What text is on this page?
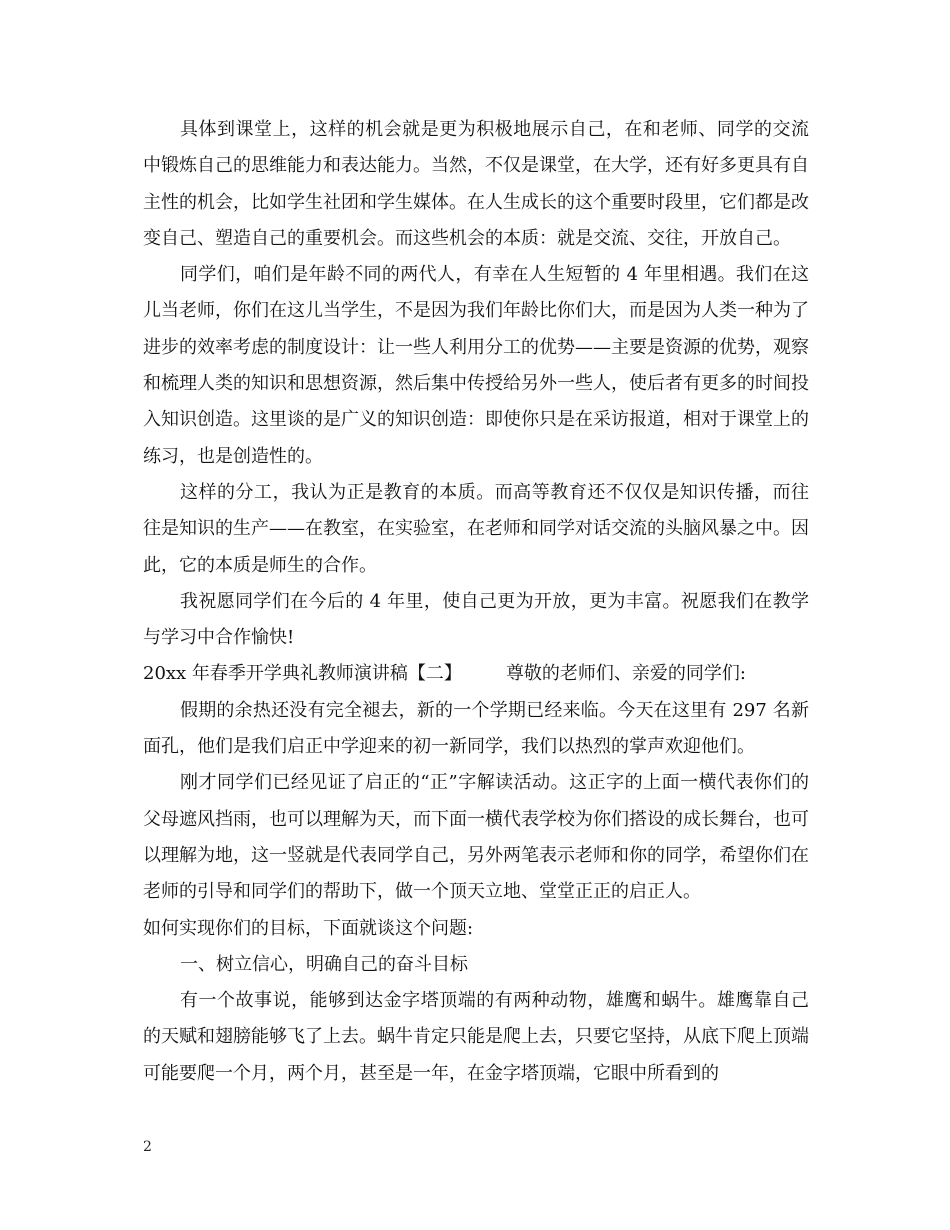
具体到课堂上，这样的机会就是更为积极地展示自己，在和老师、同学的交流中锻炼自己的思维能力和表达能力。当然，不仅是课堂，在大学，还有好多更具有自主性的机会，比如学生社团和学生媒体。在人生成长的这个重要时段里，它们都是改变自己、塑造自己的重要机会。而这些机会的本质：就是交流、交往，开放自己。

同学们，咱们是年龄不同的两代人，有幸在人生短暂的 4 年里相遇。我们在这儿当老师，你们在这儿当学生，不是因为我们年龄比你们大，而是因为人类一种为了进步的效率考虑的制度设计：让一些人利用分工的优势——主要是资源的优势，观察和梳理人类的知识和思想资源，然后集中传授给另外一些人，使后者有更多的时间投入知识创造。这里谈的是广义的知识创造：即使你只是在采访报道，相对于课堂上的练习，也是创造性的。

这样的分工，我认为正是教育的本质。而高等教育还不仅仅是知识传播，而往往是知识的生产——在教室，在实验室，在老师和同学对话交流的头脑风暴之中。因此，它的本质是师生的合作。

我祝愿同学们在今后的 4 年里，使自己更为开放，更为丰富。祝愿我们在教学与学习中合作愉快!

20xx 年春季开学典礼教师演讲稿【二】 尊敬的老师们、亲爱的同学们:

假期的余热还没有完全褪去，新的一个学期已经来临。今天在这里有 297 名新面孔，他们是我们启正中学迎来的初一新同学，我们以热烈的掌声欢迎他们。

刚才同学们已经见证了启正的“正”字解读活动。这正字的上面一横代表你们的父母遮风挡雨，也可以理解为天，而下面一横代表学校为你们搭设的成长舞台，也可以理解为地，这一竖就是代表同学自己，另外两笔表示老师和你的同学，希望你们在老师的引导和同学们的帮助下，做一个顶天立地、堂堂正正的启正人。

如何实现你们的目标，下面就谈这个问题:

一、树立信心，明确自己的奋斗目标

有一个故事说，能够到达金字塔顶端的有两种动物，雄鹰和蜗牛。雄鹰靠自己的天赋和翅膀能够飞了上去。蜗牛肯定只能是爬上去，只要它坚持，从底下爬上顶端可能要爬一个月，两个月，甚至是一年，在金字塔顶端，它眼中所看到的

2
